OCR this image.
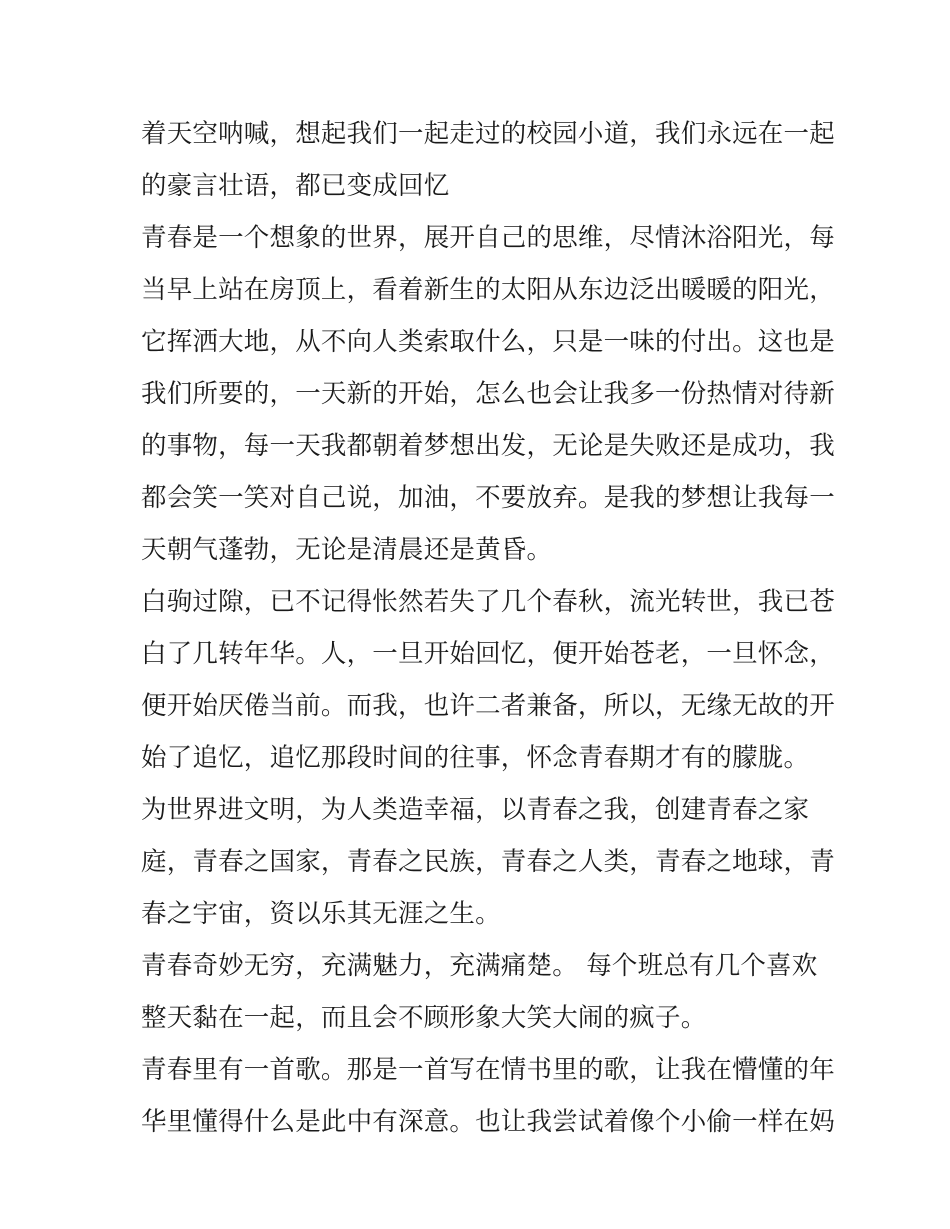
着天空呐喊，想起我们一起走过的校园小道，我们永远在一起
的豪言壮语，都已变成回忆
青春是一个想象的世界，展开自己的思维，尽情沐浴阳光，每
当早上站在房顶上，看着新生的太阳从东边泛出暖暖的阳光，
它挥洒大地，从不向人类索取什么，只是一味的付出。这也是
我们所要的，一天新的开始，怎么也会让我多一份热情对待新
的事物，每一天我都朝着梦想出发，无论是失败还是成功，我
都会笑一笑对自己说，加油，不要放弃。是我的梦想让我每一
天朝气蓬勃，无论是清晨还是黄昏。
白驹过隙，已不记得怅然若失了几个春秋，流光转世，我已苍
白了几转年华。人，一旦开始回忆，便开始苍老，一旦怀念，
便开始厌倦当前。而我，也许二者兼备，所以，无缘无故的开
始了追忆，追忆那段时间的往事，怀念青春期才有的朦胧。
为世界进文明，为人类造幸福，以青春之我，创建青春之家
庭，青春之国家，青春之民族，青春之人类，青春之地球，青
春之宇宙，资以乐其无涯之生。
青春奇妙无穷，充满魅力，充满痛楚。 每个班总有几个喜欢
整天黏在一起，而且会不顾形象大笑大闹的疯子。
青春里有一首歌。那是一首写在情书里的歌，让我在懵懂的年
华里懂得什么是此中有深意。也让我尝试着像个小偷一样在妈
